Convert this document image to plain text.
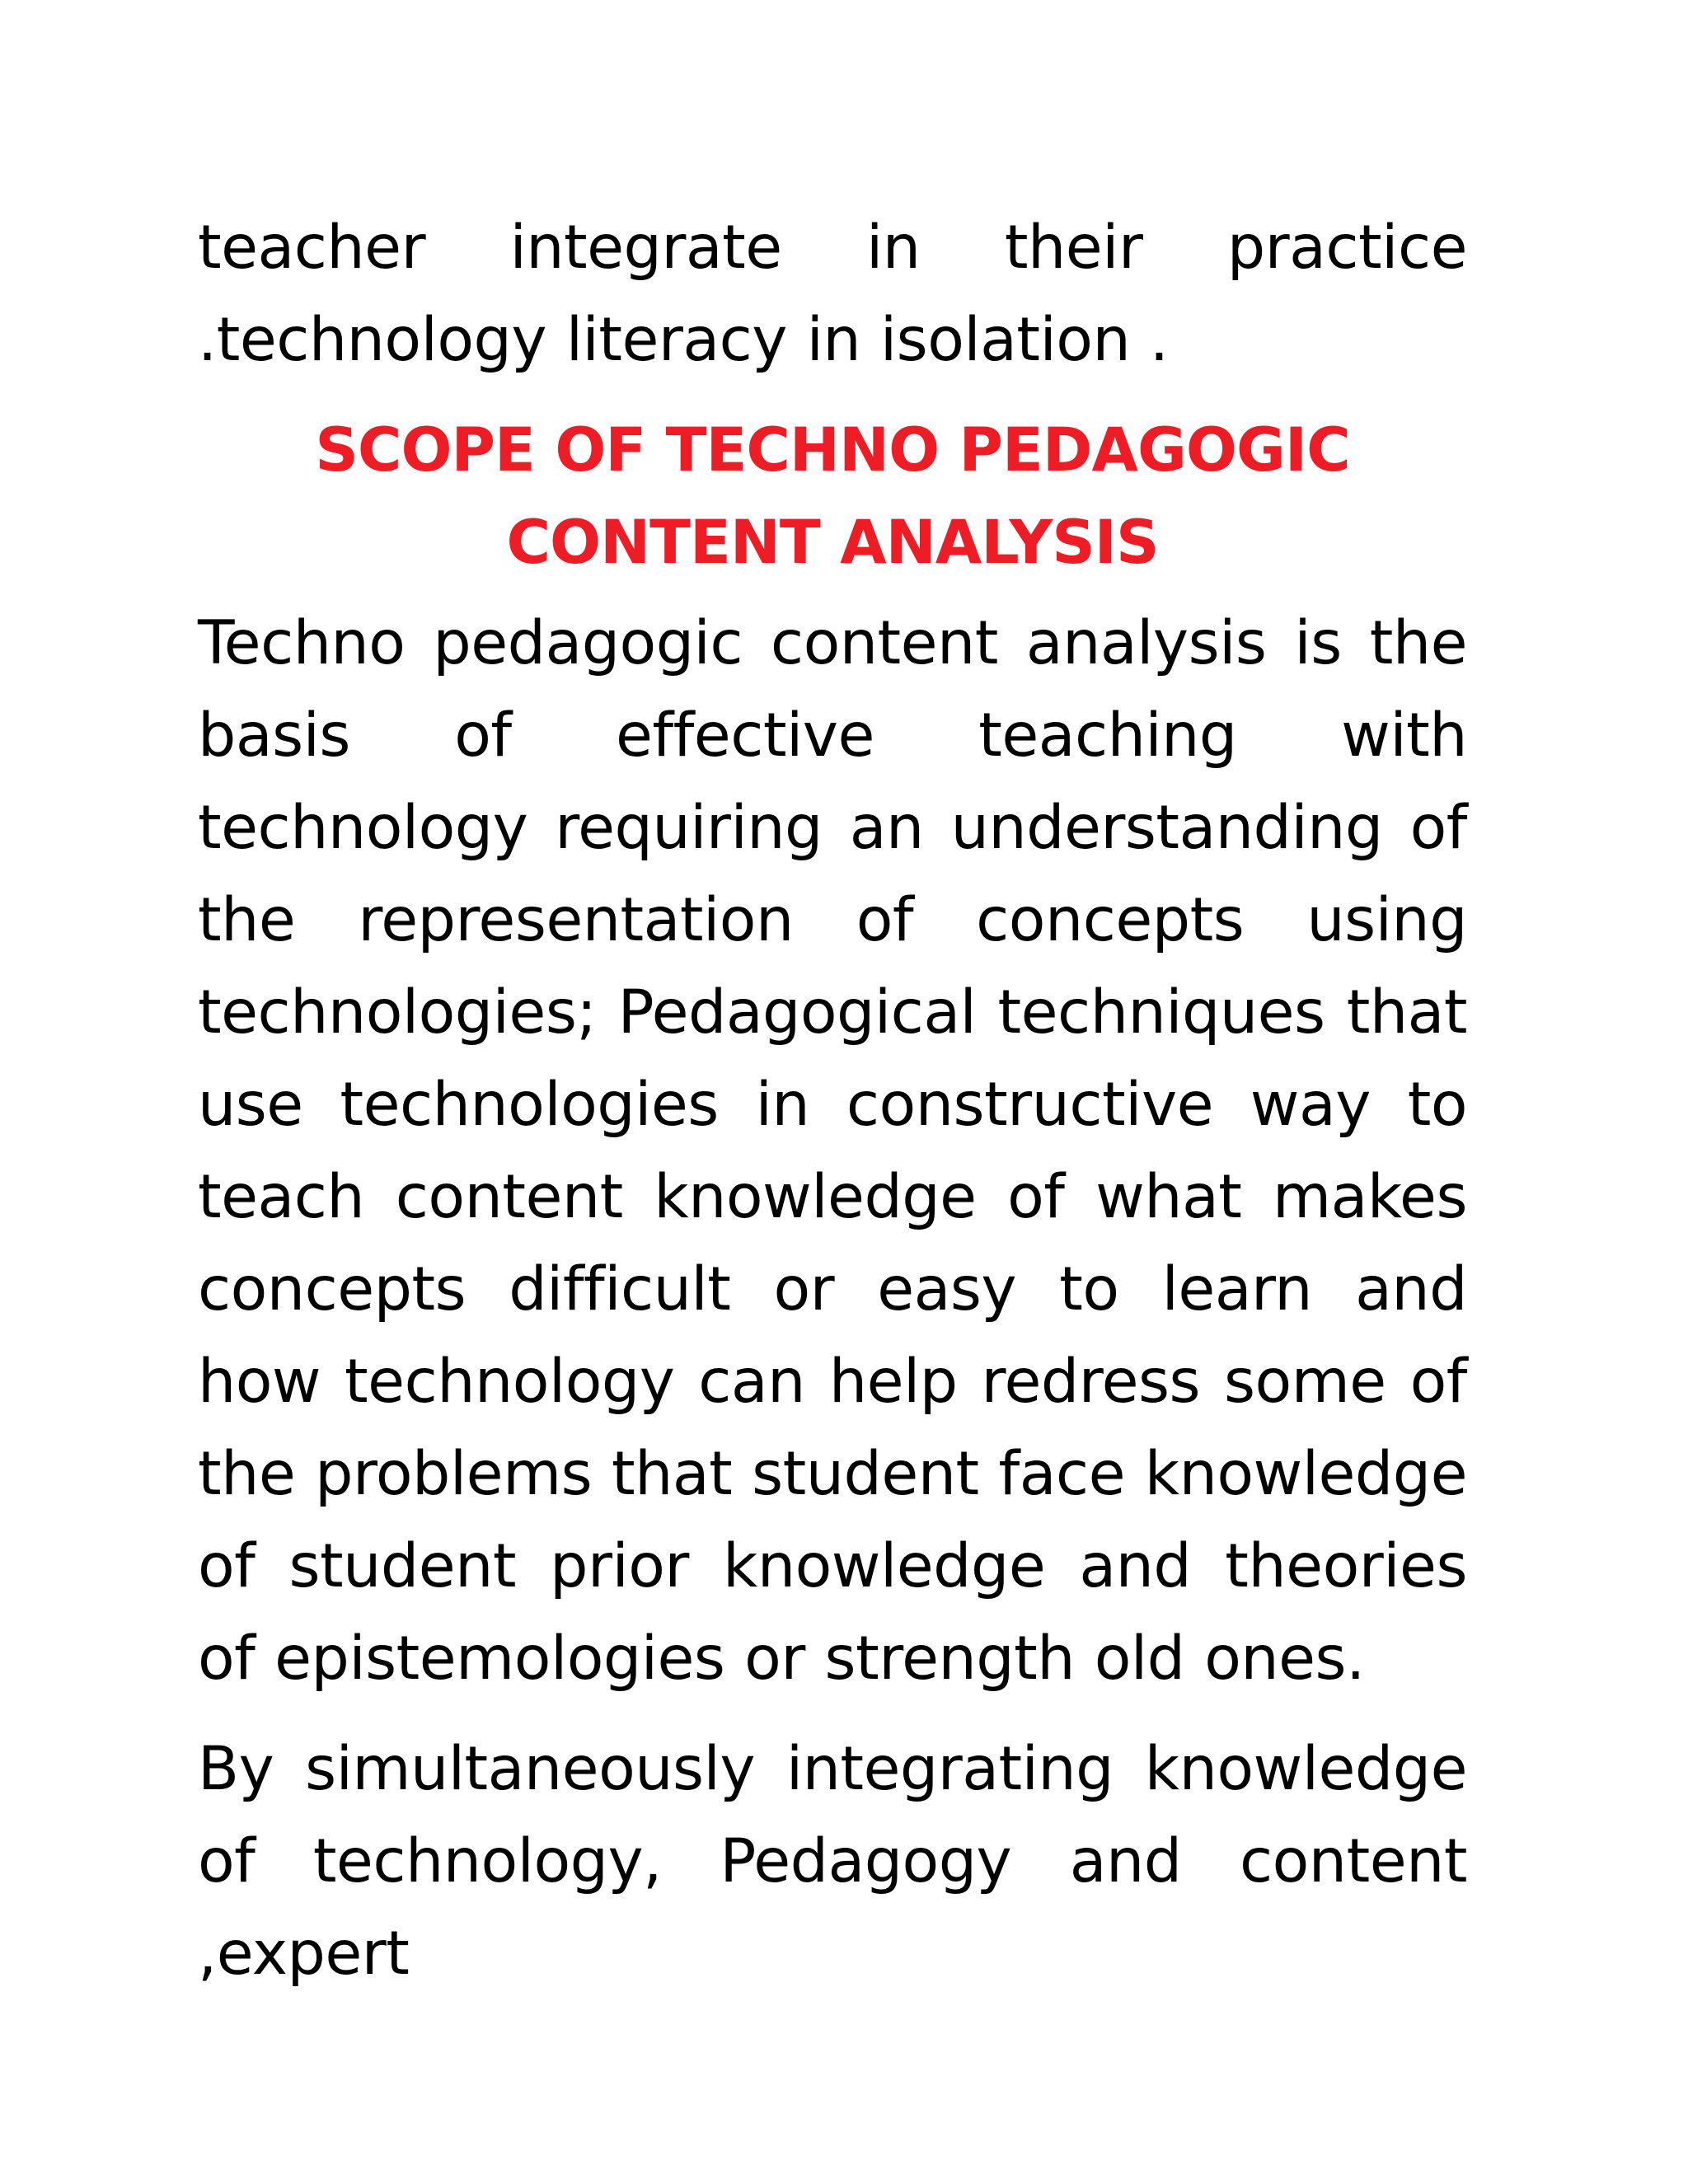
teacher integrate in their practice .technology literacy in isolation .

SCOPE OF TECHNO PEDAGOGIC CONTENT ANALYSIS

Techno pedagogic content analysis is the basis of effective teaching with technology requiring an understanding of the representation of concepts using technologies; Pedagogical techniques that use technologies in constructive way to teach content knowledge of what makes concepts difficult or easy to learn and how technology can help redress some of the problems that student face knowledge of student prior knowledge and theories of epistemologies or strength old ones.

By simultaneously integrating knowledge of technology, Pedagogy and content ,expert
